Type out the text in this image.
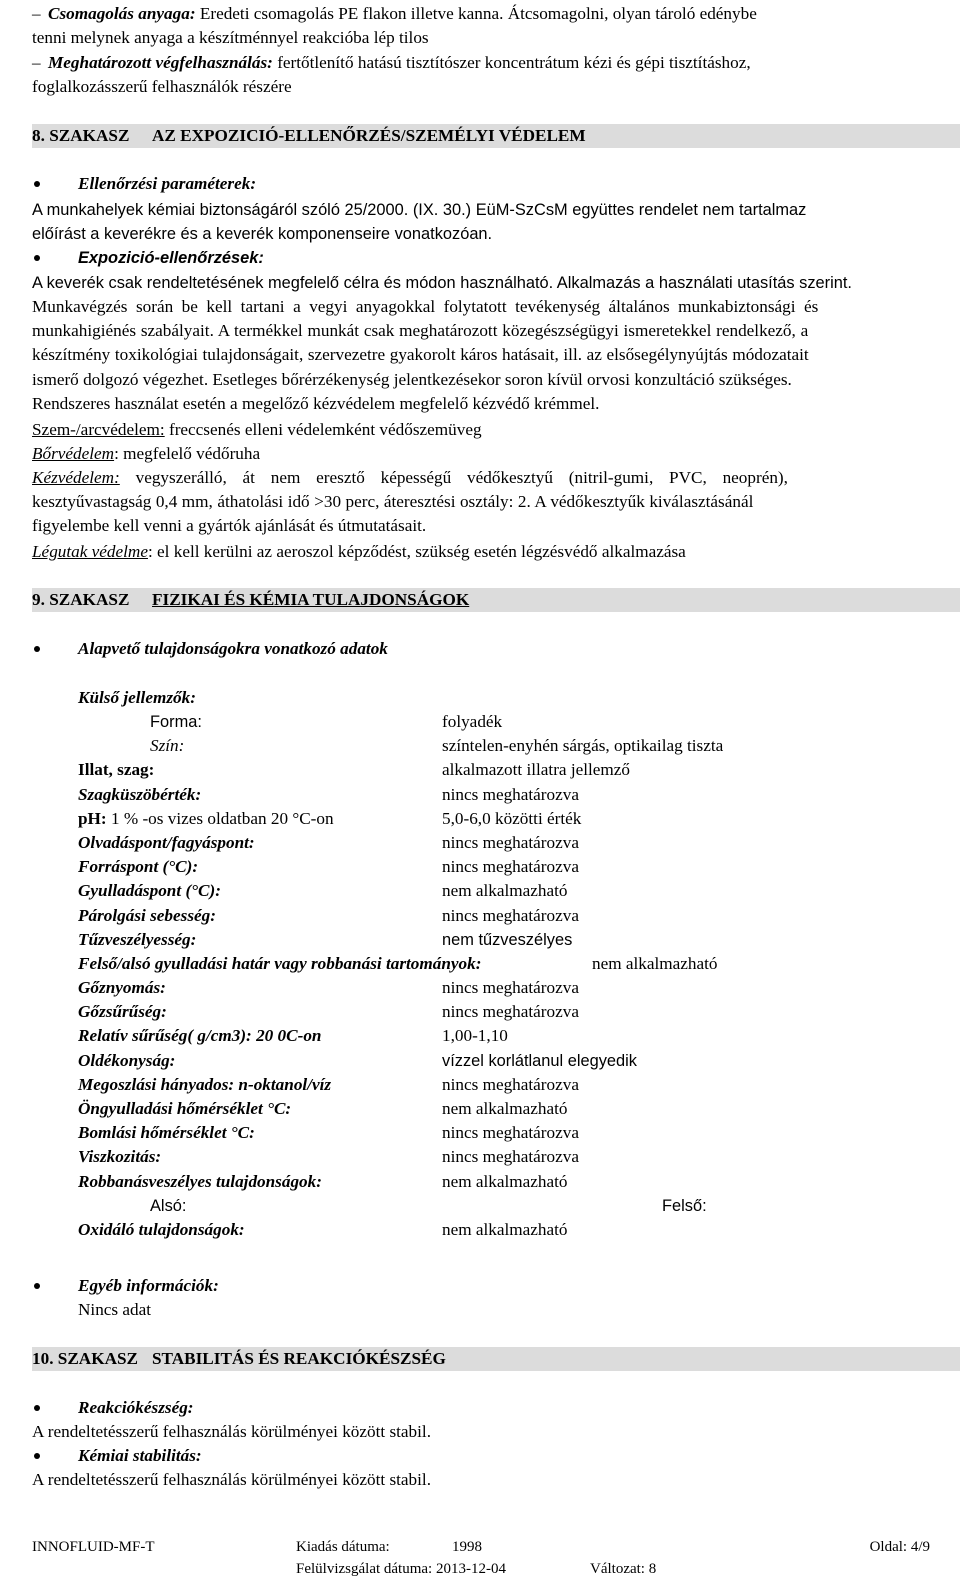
– Csomagolás anyaga: Eredeti csomagolás PE flakon illetve kanna. Átcsomagolni, olyan tároló edénybe
tenni melynek anyaga a készítménnyel reakcióba lép tilos
– Meghatározott végfelhasználás: fertőtlenítő hatású tisztítószer koncentrátum kézi és gépi tisztításhoz,
foglalkozásszerű felhasználók részére
8. SZAKASZ AZ EXPOZICIÓ-ELLENŐRZÉS/SZEMÉLYI VÉDELEM
Ellenőrzési paraméterek:
A munkahelyek kémiai biztonságáról szóló 25/2000. (IX. 30.) EüM-SzCsM együttes rendelet nem tartalmaz
előírást a keverékre és a keverék komponenseire vonatkozóan.
Expozició-ellenőrzések:
A keverék csak rendeltetésének megfelelő célra és módon használható. Alkalmazás a használati utasítás szerint.
Munkavégzés során be kell tartani a vegyi anyagokkal folytatott tevékenység általános munkabiztonsági és
munkahigiénés szabályait. A termékkel munkát csak meghatározott közegészségügyi ismeretekkel rendelkező, a
készítmény toxikológiai tulajdonságait, szervezetre gyakorolt káros hatásait, ill. az elsősegélynyújtás módozatait
ismerő dolgozó végezhet. Esetleges bőrérzékenység jelentkezésekor soron kívül orvosi konzultáció szükséges.
Rendszeres használat esetén a megelőző kézvédelem megfelelő kézvédő krémmel.
Szem-/arcvédelem: freccsenés elleni védelemként védőszemüveg
Bőrvédelem: megfelelő védőruha
Kézvédelem: vegyszerálló, át nem eresztő képességű védőkesztyű (nitril-gumi, PVC, neoprén),
kesztyűvastagság 0,4 mm, áthatolási idő >30 perc, áteresztési osztály: 2. A védőkesztyűk kiválasztásánál
figyelembe kell venni a gyártók ajánlását és útmutatásait.
Légutak védelme: el kell kerülni az aeroszol képződést, szükség esetén légzésvédő alkalmazása
9. SZAKASZ FIZIKAI ÉS KÉMIA TULAJDONSÁGOK
Alapvető tulajdonságokra vonatkozó adatok
Külső jellemzők:
Forma:	folyadék
Szín:	színtelen-enyhén sárgás, optikailag tiszta
Illat, szag:	alkalmazott illatra jellemző
Szagküszöbérték:	nincs meghatározva
pH: 1 % -os vizes oldatban 20 °C-on	5,0-6,0 közötti érték
Olvadáspont/fagyáspont:	nincs meghatározva
Forráspont (°C):	nincs meghatározva
Gyulladáspont (°C):	nem alkalmazható
Párolgási sebesség:	nincs meghatározva
Tűzveszélyesség:	nem tűzveszélyes
Felső/alsó gyulladási határ vagy robbanási tartományok:	nem alkalmazható
Gőznyomás:	nincs meghatározva
Gőzsűrűség:	nincs meghatározva
Relatív sűrűség( g/cm3): 20 0C-on	1,00-1,10
Oldékonyság:	vízzel korlátlanul elegyedik
Megoszlási hányados: n-oktanol/víz	nincs meghatározva
Öngyulladási hőmérséklet °C:	nem alkalmazható
Bomlási hőmérséklet °C:	nincs meghatározva
Viszkozitás:	nincs meghatározva
Robbanásveszélyes tulajdonságok:	nem alkalmazható
Alsó:	Felső:
Oxidáló tulajdonságok:	nem alkalmazható
Egyéb információk:
Nincs adat
10. SZAKASZ STABILITÁS ÉS REAKCIÓKÉSZSÉG
Reakciókészség:
A rendeltetésszerű felhasználás körülményei között stabil.
Kémiai stabilitás:
A rendeltetésszerű felhasználás körülményei között stabil.
INNOFLUID-MF-T	Kiadás dátuma:	1998	Oldal: 4/9
Felülvizsgálat dátuma: 2013-12-04	Változat: 8
